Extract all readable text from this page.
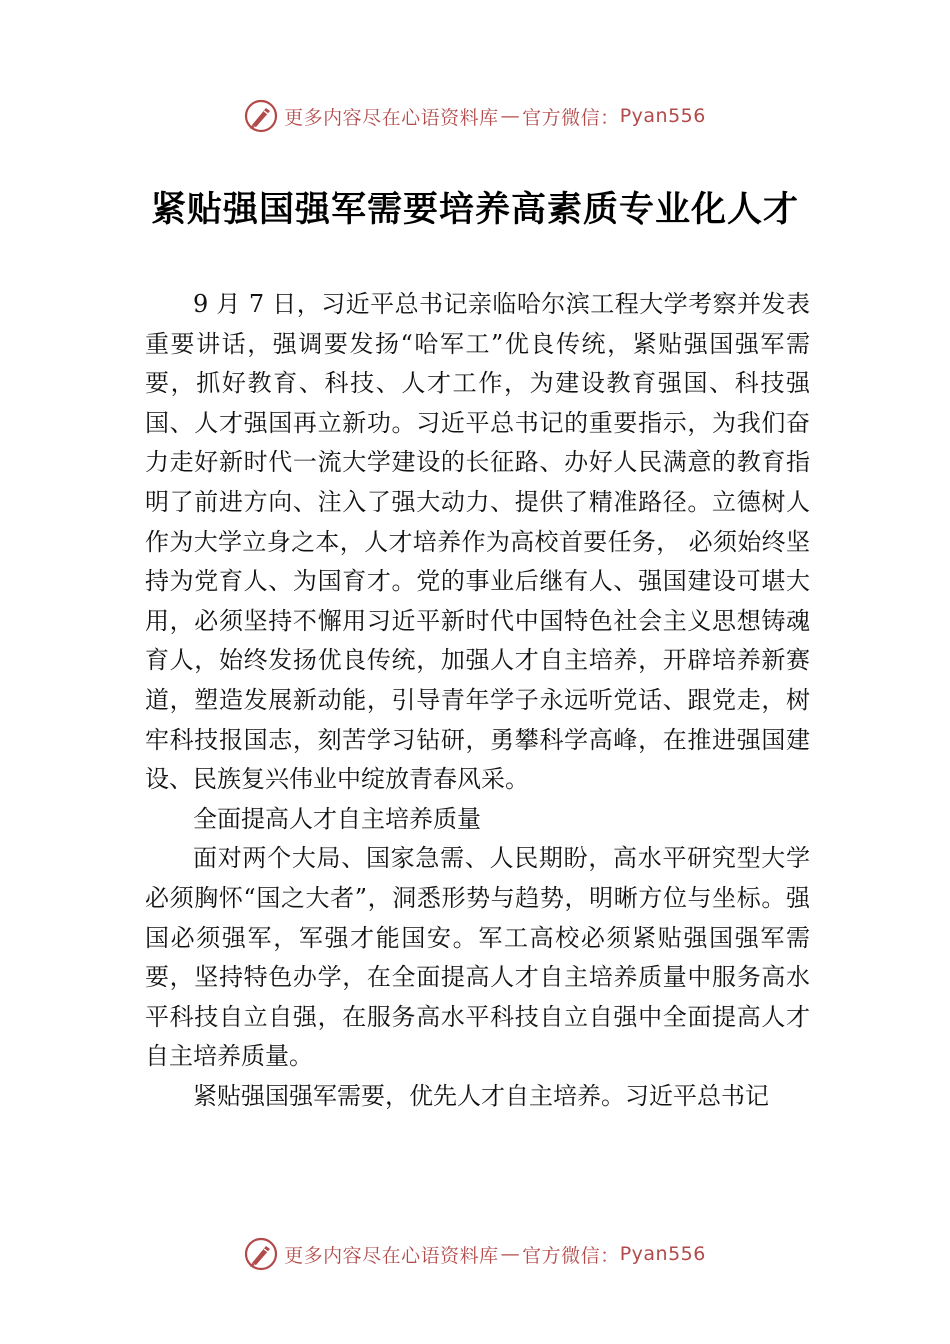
更多内容尽在心语资料库 — 官方微信： Pyan556
紧贴强国强军需要培养高素质专业化人才

9 月 7 日，习近平总书记亲临哈尔滨工程大学考察并发表重要讲话，强调要发扬“哈军工”优良传统，紧贴强国强军需要，抓好教育、科技、人才工作，为建设教育强国、科技强国、人才强国再立新功。习近平总书记的重要指示，为我们奋力走好新时代一流大学建设的长征路、办好人民满意的教育指明了前进方向、注入了强大动力、提供了精准路径。立德树人作为大学立身之本，人才培养作为高校首要任务， 必须始终坚持为党育人、为国育才。党的事业后继有人、强国建设可堪大用，必须坚持不懈用习近平新时代中国特色社会主义思想铸魂育人，始终发扬优良传统，加强人才自主培养，开辟培养新赛道，塑造发展新动能，引导青年学子永远听党话、跟党走，树牢科技报国志，刻苦学习钻研，勇攀科学高峰，在推进强国建设、民族复兴伟业中绽放青春风采。

全面提高人才自主培养质量

面对两个大局、国家急需、人民期盼，高水平研究型大学必须胸怀“国之大者”，洞悉形势与趋势，明晰方位与坐标。强国必须强军，军强才能国安。军工高校必须紧贴强国强军需要，坚持特色办学，在全面提高人才自主培养质量中服务高水平科技自立自强，在服务高水平科技自立自强中全面提高人才自主培养质量。

紧贴强国强军需要，优先人才自主培养。习近平总书记

更多内容尽在心语资料库 — 官方微信： Pyan556
